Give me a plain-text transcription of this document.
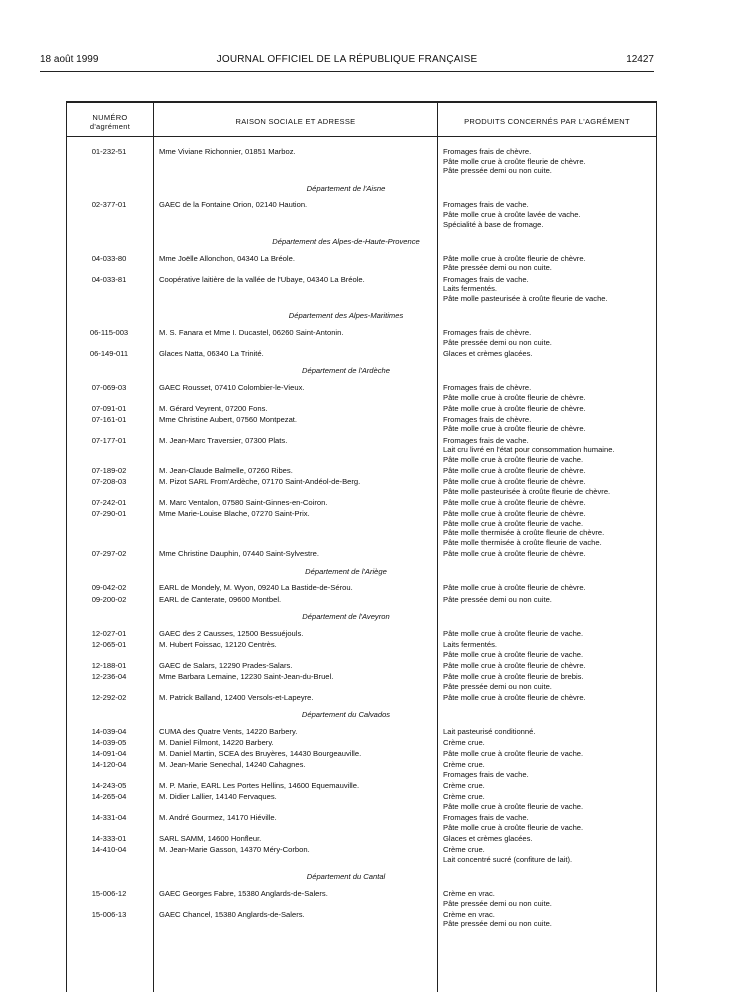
18 août 1999	JOURNAL OFFICIEL DE LA RÉPUBLIQUE FRANÇAISE	12427
NUMÉRO
d'agrément
RAISON SOCIALE ET ADRESSE	PRODUITS CONCERNÉS PAR L'AGRÉMENT
01-232-51	Mme Viviane Richonnier, 01851 Marboz.	Fromages frais de chèvre.
Pâte molle crue à croûte fleurie de chèvre.
Pâte pressée demi ou non cuite.
Département de l'Aisne
02-377-01	GAEC de la Fontaine Orion, 02140 Haution.	Fromages frais de vache.
Pâte molle crue à croûte lavée de vache.
Spécialité à base de fromage.
Département des Alpes-de-Haute-Provence
04-033-80	Mme Joëlle Allonchon, 04340 La Bréole.	Pâte molle crue à croûte fleurie de chèvre.
Pâte pressée demi ou non cuite.
04-033-81	Coopérative laitière de la vallée de l'Ubaye, 04340 La Bréole.	Fromages frais de vache.
Laits fermentés.
Pâte molle pasteurisée à croûte fleurie de vache.
Département des Alpes-Maritimes
06-115-003	M. S. Fanara et Mme I. Ducastel, 06260 Saint-Antonin.	Fromages frais de chèvre.
Pâte pressée demi ou non cuite.
06-149-011	Glaces Natta, 06340 La Trinité.	Glaces et crèmes glacées.
Département de l'Ardèche
07-069-03	GAEC Rousset, 07410 Colombier-le-Vieux.	Fromages frais de chèvre.
Pâte molle crue à croûte fleurie de chèvre.
07-091-01	M. Gérard Veyrent, 07200 Fons.	Pâte molle crue à croûte fleurie de chèvre.
07-161-01	Mme Christine Aubert, 07560 Montpezat.	Fromages frais de chèvre.
Pâte molle crue à croûte fleurie de chèvre.
07-177-01	M. Jean-Marc Traversier, 07300 Plats.	Fromages frais de vache.
Lait cru livré en l'état pour consommation humaine.
Pâte molle crue à croûte fleurie de vache.
07-189-02	M. Jean-Claude Balmelle, 07260 Ribes.	Pâte molle crue à croûte fleurie de chèvre.
07-208-03	M. Pizot SARL From'Ardèche, 07170 Saint-Andéol-de-Berg.	Pâte molle crue à croûte fleurie de chèvre.
Pâte molle pasteurisée à croûte fleurie de chèvre.
07-242-01	M. Marc Ventalon, 07580 Saint-Ginnes-en-Coiron.	Pâte molle crue à croûte fleurie de chèvre.
07-290-01	Mme Marie-Louise Blache, 07270 Saint-Prix.	Pâte molle crue à croûte fleurie de chèvre.
Pâte molle crue à croûte fleurie de vache.
Pâte molle thermisée à croûte fleurie de chèvre.
Pâte molle thermisée à croûte fleurie de vache.
07-297-02	Mme Christine Dauphin, 07440 Saint-Sylvestre.	Pâte molle crue à croûte fleurie de chèvre.
Département de l'Ariège
09-042-02	EARL de Mondely, M. Wyon, 09240 La Bastide-de-Sérou.	Pâte molle crue à croûte fleurie de chèvre.
09-200-02	EARL de Canterate, 09600 Montbel.	Pâte pressée demi ou non cuite.
Département de l'Aveyron
12-027-01	GAEC des 2 Causses, 12500 Bessuéjouls.	Pâte molle crue à croûte fleurie de vache.
12-065-01	M. Hubert Foissac, 12120 Centrès.	Laits fermentés.
Pâte molle crue à croûte fleurie de vache.
12-188-01	GAEC de Salars, 12290 Prades-Salars.	Pâte molle crue à croûte fleurie de chèvre.
12-236-04	Mme Barbara Lemaine, 12230 Saint-Jean-du-Bruel.	Pâte molle crue à croûte fleurie de brebis.
Pâte pressée demi ou non cuite.
12-292-02	M. Patrick Balland, 12400 Versols-et-Lapeyre.	Pâte molle crue à croûte fleurie de chèvre.
Département du Calvados
14-039-04	CUMA des Quatre Vents, 14220 Barbery.	Lait pasteurisé conditionné.
14-039-05	M. Daniel Filmont, 14220 Barbery.	Crème crue.
14-091-04	M. Daniel Martin, SCEA des Bruyères, 14430 Bourgeauville.	Pâte molle crue à croûte fleurie de vache.
14-120-04	M. Jean-Marie Senechal, 14240 Cahagnes.	Crème crue.
Fromages frais de vache.
14-243-05	M. P. Marie, EARL Les Portes Hellins, 14600 Equemauville.	Crème crue.
14-265-04	M. Didier Lallier, 14140 Fervaques.	Crème crue.
Pâte molle crue à croûte fleurie de vache.
14-331-04	M. André Gourmez, 14170 Hiéville.	Fromages frais de vache.
Pâte molle crue à croûte fleurie de vache.
14-333-01	SARL SAMM, 14600 Honfleur.	Glaces et crèmes glacées.
14-410-04	M. Jean-Marie Gasson, 14370 Méry-Corbon.	Crème crue.
Lait concentré sucré (confiture de lait).
Département du Cantal
15-006-12	GAEC Georges Fabre, 15380 Anglards-de-Salers.	Crème en vrac.
Pâte pressée demi ou non cuite.
15-006-13	GAEC Chancel, 15380 Anglards-de-Salers.	Crème en vrac.
Pâte pressée demi ou non cuite.
